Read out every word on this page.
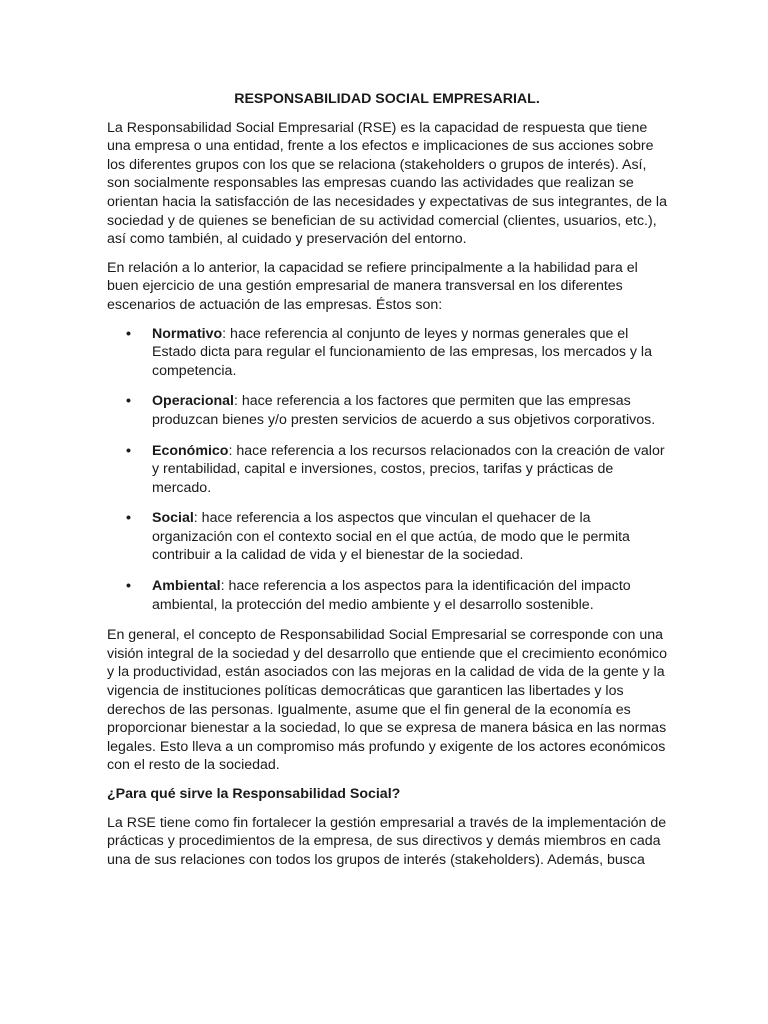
RESPONSABILIDAD SOCIAL EMPRESARIAL.

La Responsabilidad Social Empresarial (RSE) es la capacidad de respuesta que tiene una empresa o una entidad, frente a los efectos e implicaciones de sus acciones sobre los diferentes grupos con los que se relaciona (stakeholders o grupos de interés). Así, son socialmente responsables las empresas cuando las actividades que realizan se orientan hacia la satisfacción de las necesidades y expectativas de sus integrantes, de la sociedad y de quienes se benefician de su actividad comercial (clientes, usuarios, etc.), así como también, al cuidado y preservación del entorno.

En relación a lo anterior, la capacidad se refiere principalmente a la habilidad para el buen ejercicio de una gestión empresarial de manera transversal en los diferentes escenarios de actuación de las empresas. Éstos son:

• Normativo: hace referencia al conjunto de leyes y normas generales que el Estado dicta para regular el funcionamiento de las empresas, los mercados y la competencia.
• Operacional: hace referencia a los factores que permiten que las empresas produzcan bienes y/o presten servicios de acuerdo a sus objetivos corporativos.
• Económico: hace referencia a los recursos relacionados con la creación de valor y rentabilidad, capital e inversiones, costos, precios, tarifas y prácticas de mercado.
• Social: hace referencia a los aspectos que vinculan el quehacer de la organización con el contexto social en el que actúa, de modo que le permita contribuir a la calidad de vida y el bienestar de la sociedad.
• Ambiental: hace referencia a los aspectos para la identificación del impacto ambiental, la protección del medio ambiente y el desarrollo sostenible.

En general, el concepto de Responsabilidad Social Empresarial se corresponde con una visión integral de la sociedad y del desarrollo que entiende que el crecimiento económico y la productividad, están asociados con las mejoras en la calidad de vida de la gente y la vigencia de instituciones políticas democráticas que garanticen las libertades y los derechos de las personas. Igualmente, asume que el fin general de la economía es proporcionar bienestar a la sociedad, lo que se expresa de manera básica en las normas legales. Esto lleva a un compromiso más profundo y exigente de los actores económicos con el resto de la sociedad.

¿Para qué sirve la Responsabilidad Social?

La RSE tiene como fin fortalecer la gestión empresarial a través de la implementación de prácticas y procedimientos de la empresa, de sus directivos y demás miembros en cada una de sus relaciones con todos los grupos de interés (stakeholders). Además, busca
